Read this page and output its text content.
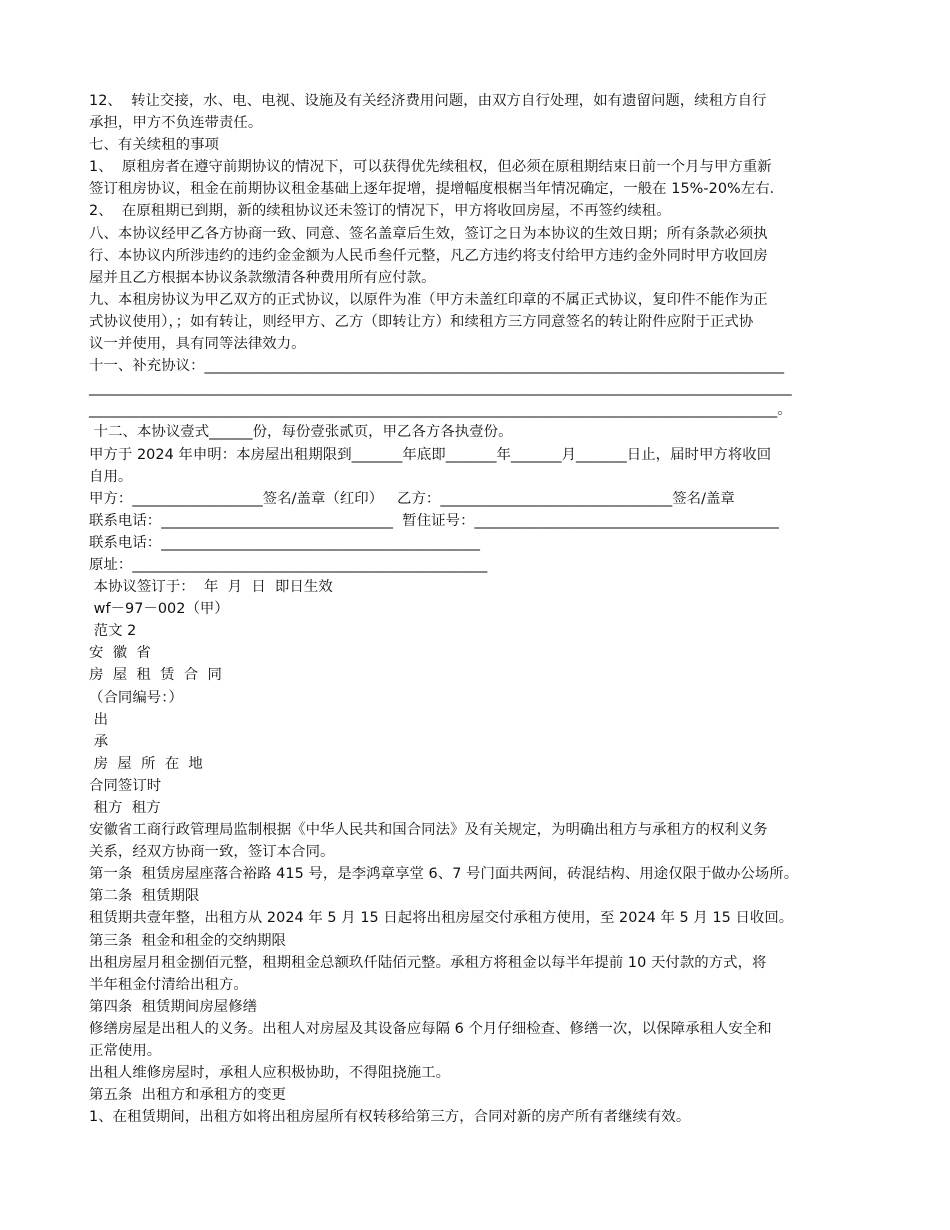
12、  转让交接，水、电、电视、设施及有关经济费用问题，由双方自行处理，如有遗留问题，续租方自行
承担，甲方不负连带责任。
七、有关续租的事项
1、  原租房者在遵守前期协议的情况下，可以获得优先续租权，但必须在原租期结束日前一个月与甲方重新
签订租房协议，租金在前期协议租金基础上逐年捉增，提增幅度根椐当年情况确定，一般在 15%-20%左右．
2、  在原租期已到期，新的续租协议还未签订的情况下，甲方将收回房屋，不再签约续租。
八、本协议经甲乙各方协商一致、同意、签名盖章后生效，签订之日为本协议的生效日期；所有条款必须执
行、本协议内所涉违约的违约金金额为人民币叁仟元整，凡乙方违约将支付给甲方违约金外同时甲方收回房
屋并且乙方根据本协议条款缴清各种费用所有应付款。
九、本租房协议为甲乙双方的正式协议，以原件为准（甲方未盖红印章的不属正式协议，复印件不能作为正
式协议使用），；如有转让，则经甲方、乙方（即转让方）和续租方三方同意签名的转让附件应附于正式协
议一并使用，具有同等法律效力。
十一、补充协议：________________________________________________________________________________
_________________________________________________________________________________________________
_______________________________________________________________________________________________。
十二、本协议壹式______份，每份壹张贰页，甲乙各方各执壹份。
甲方于 2024 年申明：本房屋出租期限到_______年底即_______年_______月_______日止，届时甲方将收回
自用。
甲方：__________________签名/盖章（红印）   乙方：________________________________签名/盖章
联系电话：________________________________  暂住证号：__________________________________________
联系电话：____________________________________________
原址：_________________________________________________
本协议签订于：  年  月  日  即日生效
wf－97－002（甲）
范文 2
安  徽  省
房  屋  租  赁  合  同
（合同编号：）
出
承
房  屋  所  在  地
合同签订时
租方  租方
安徽省工商行政管理局监制根据《中华人民共和国合同法》及有关规定，为明确出租方与承租方的权利义务
关系，经双方协商一致，签订本合同。
第一条  租赁房屋座落合裕路 415 号，是李鸿章享堂 6、7 号门面共两间，砖混结构、用途仅限于做办公场所。
第二条  租赁期限
租赁期共壹年整，出租方从 2024 年 5 月 15 日起将出租房屋交付承租方使用，至 2024 年 5 月 15 日收回。
第三条  租金和租金的交纳期限
出租房屋月租金捌佰元整，租期租金总额玖仟陆佰元整。承租方将租金以每半年提前 10 天付款的方式，将
半年租金付清给出租方。
第四条  租赁期间房屋修缮
修缮房屋是出租人的义务。出租人对房屋及其设备应每隔 6 个月仔细检查、修缮一次，以保障承租人安全和
正常使用。
出租人维修房屋时，承租人应积极协助，不得阻挠施工。
第五条  出租方和承租方的变更
1、在租赁期间，出租方如将出租房屋所有权转移给第三方，合同对新的房产所有者继续有效。
